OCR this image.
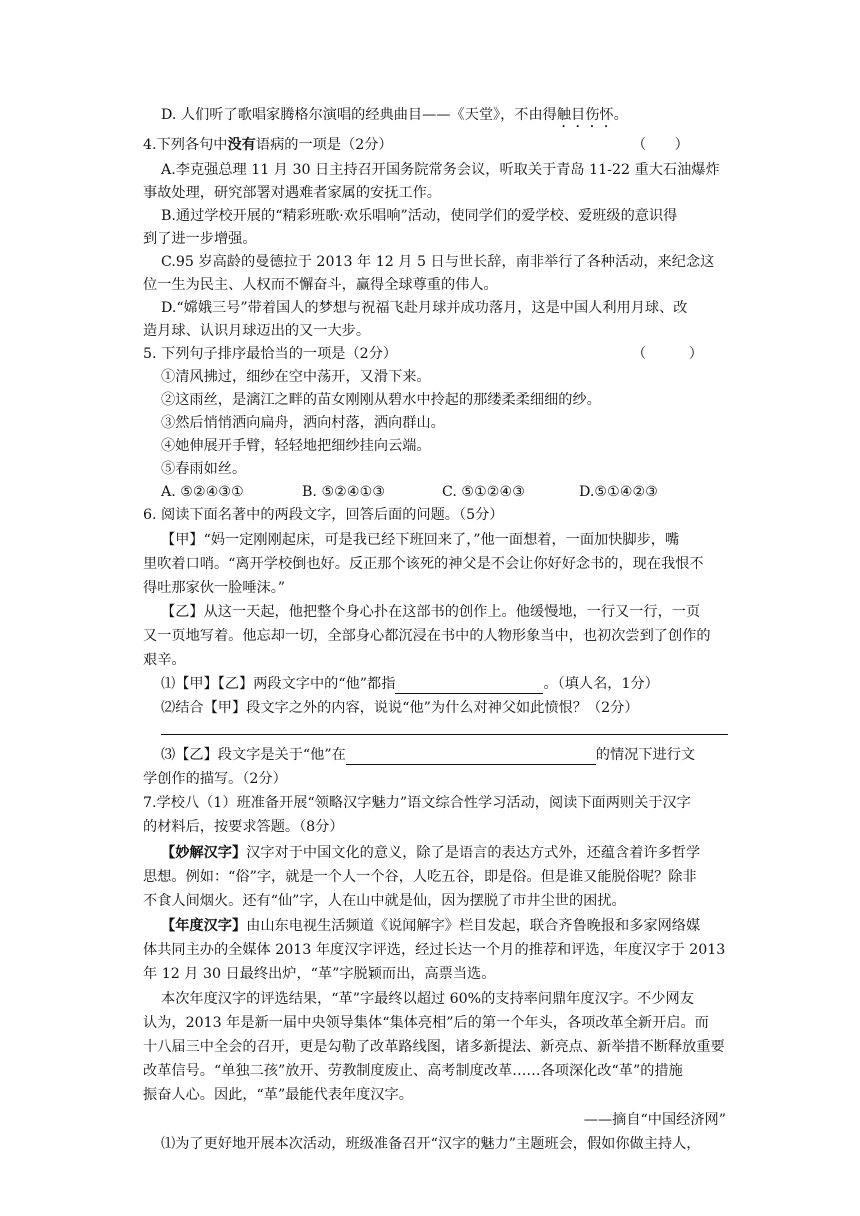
D. 人们听了歌唱家腾格尔演唱的经典曲目——《天堂》，不由得触目伤怀。
4.下列各句中没有语病的一项是（2分）	（　　）
A.李克强总理 11 月 30 日主持召开国务院常务会议，听取关于青岛 11-22 重大石油爆炸
事故处理，研究部署对遇难者家属的安抚工作。
B.通过学校开展的“精彩班歌·欢乐唱响”活动，使同学们的爱学校、爱班级的意识得
到了进一步增强。
C.95 岁高龄的曼德拉于 2013 年 12 月 5 日与世长辞，南非举行了各种活动，来纪念这
位一生为民主、人权而不懈奋斗，赢得全球尊重的伟人。
D.“嫦娥三号”带着国人的梦想与祝福飞赴月球并成功落月，这是中国人利用月球、改
造月球、认识月球迈出的又一大步。
5. 下列句子排序最恰当的一项是（2分）	（　　　）
①清风拂过，细纱在空中荡开，又滑下来。
②这雨丝，是漓江之畔的苗女刚刚从碧水中拎起的那缕柔柔细细的纱。
③然后悄悄洒向扁舟，洒向村落，洒向群山。
④她伸展开手臂，轻轻地把细纱挂向云端。
⑤春雨如丝。
A. ⑤②④③①	B. ⑤②④①③	C. ⑤①②④③	D.⑤①④②③
6. 阅读下面名著中的两段文字，回答后面的问题。（5分）
【甲】“妈一定刚刚起床，可是我已经下班回来了，”他一面想着，一面加快脚步，嘴
里吹着口哨。“离开学校倒也好。反正那个该死的神父是不会让你好好念书的，现在我恨不
得吐那家伙一脸唾沫。”
【乙】从这一天起，他把整个身心扑在这部书的创作上。他缓慢地，一行又一行，一页
又一页地写着。他忘却一切，全部身心都沉浸在书中的人物形象当中，也初次尝到了创作的
艰辛。
⑴【甲】【乙】两段文字中的“他”都指	。（填人名，1分）
⑵结合【甲】段文字之外的内容，说说“他”为什么对神父如此愤恨？（2分）
⑶【乙】段文字是关于“他”在	的情况下进行文
学创作的描写。（2分）
7.学校八（1）班准备开展“领略汉字魅力”语文综合性学习活动，阅读下面两则关于汉字
的材料后，按要求答题。（8分）
【妙解汉字】汉字对于中国文化的意义，除了是语言的表达方式外，还蕴含着许多哲学
思想。例如：“俗”字，就是一个人一个谷，人吃五谷，即是俗。但是谁又能脱俗呢？除非
不食人间烟火。还有“仙”字，人在山中就是仙，因为摆脱了市井尘世的困扰。
【年度汉字】由山东电视生活频道《说闻解字》栏目发起，联合齐鲁晚报和多家网络媒
体共同主办的全媒体 2013 年度汉字评选，经过长达一个月的推荐和评选，年度汉字于 2013
年 12 月 30 日最终出炉，“革”字脱颖而出，高票当选。
本次年度汉字的评选结果，“革”字最终以超过 60%的支持率问鼎年度汉字。不少网友
认为，2013 年是新一届中央领导集体“集体亮相”后的第一个年头，各项改革全新开启。而
十八届三中全会的召开，更是勾勒了改革路线图，诸多新提法、新亮点、新举措不断释放重要
改革信号。“单独二孩”放开、劳教制度废止、高考制度改革……各项深化改“革”的措施
振奋人心。因此，“革”最能代表年度汉字。
——摘自“中国经济网”
⑴为了更好地开展本次活动，班级准备召开“汉字的魅力”主题班会，假如你做主持人，
